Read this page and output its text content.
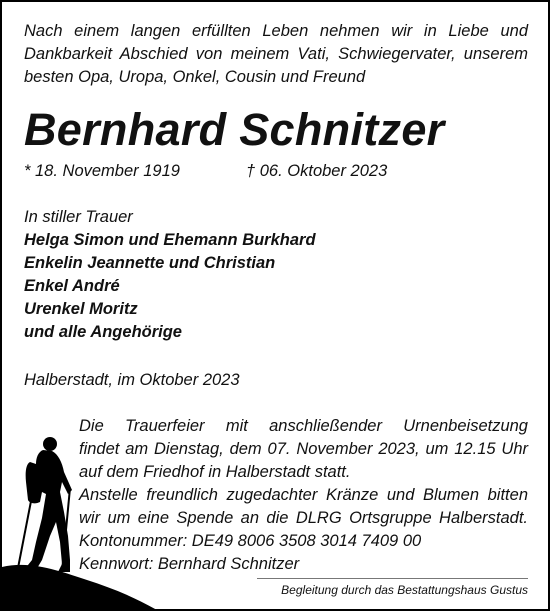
Nach einem langen erfüllten Leben nehmen wir in Liebe und
Dankbarkeit Abschied von meinem Vati, Schwiegervater, unserem
besten Opa, Uropa, Onkel, Cousin und Freund

Bernhard Schnitzer
* 18. November 1919	† 06. Oktober 2023
In stiller Trauer
Helga Simon und Ehemann Burkhard
Enkelin Jeannette und Christian
Enkel André
Urenkel Moritz
und alle Angehörige
Halberstadt, im Oktober 2023
Die Trauerfeier mit anschließender Urnenbeisetzung
findet am Dienstag, dem 07. November 2023, um 12.15 Uhr
auf dem Friedhof in Halberstadt statt.
Anstelle freundlich zugedachter Kränze und Blumen bitten
wir um eine Spende an die DLRG Ortsgruppe Halberstadt.
Kontonummer: DE49 8006 3508 3014 7409 00
Kennwort: Bernhard Schnitzer
Begleitung durch das Bestattungshaus Gustus
